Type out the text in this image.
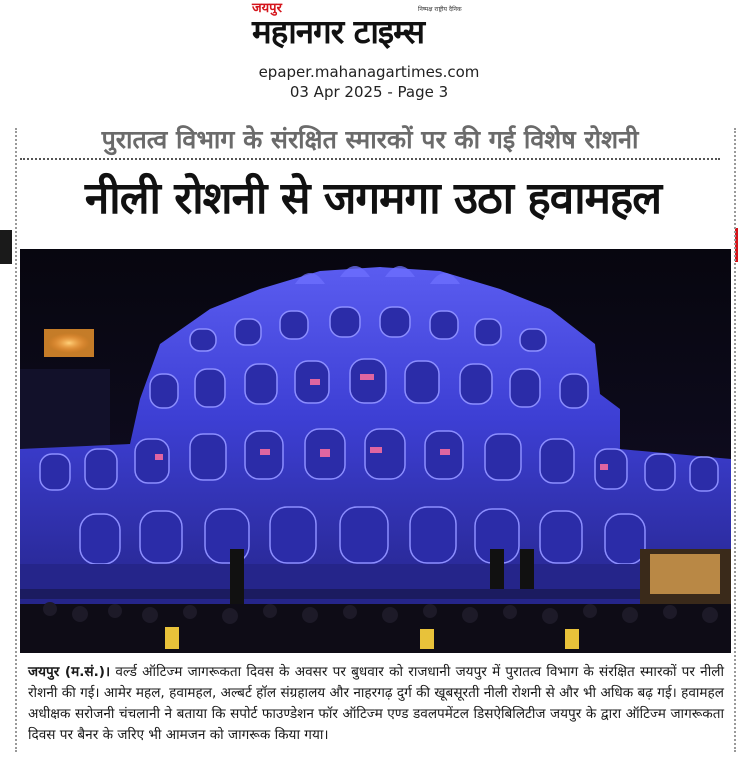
जयपुर
महानगर टाइम्स
निष्पक्ष राष्ट्रीय दैनिक
epaper.mahanagartimes.com
03 Apr 2025 - Page 3
पुरातत्व विभाग के संरक्षित स्मारकों पर की गई विशेष रोशनी
नीली रोशनी से जगमगा उठा हवामहल
जयपुर (म.सं.)। वर्ल्ड ऑटिज्म जागरूकता दिवस के अवसर पर बुधवार को राजधानी जयपुर में पुरातत्व विभाग के संरक्षित स्मारकों पर नीली रोशनी की गई। आमेर महल, हवामहल, अल्बर्ट हॉल संग्रहालय और नाहरगढ़ दुर्ग की खूबसूरती नीली रोशनी से और भी अधिक बढ़ गई। हवामहल अधीक्षक सरोजनी चंचलानी ने बताया कि सपोर्ट फाउण्डेशन फॉर ऑटिज्म एण्ड डवलपमेंटल डिसऐबिलिटीज जयपुर के द्वारा ऑटिज्म जागरूकता दिवस पर बैनर के जरिए भी आमजन को जागरूक किया गया।
